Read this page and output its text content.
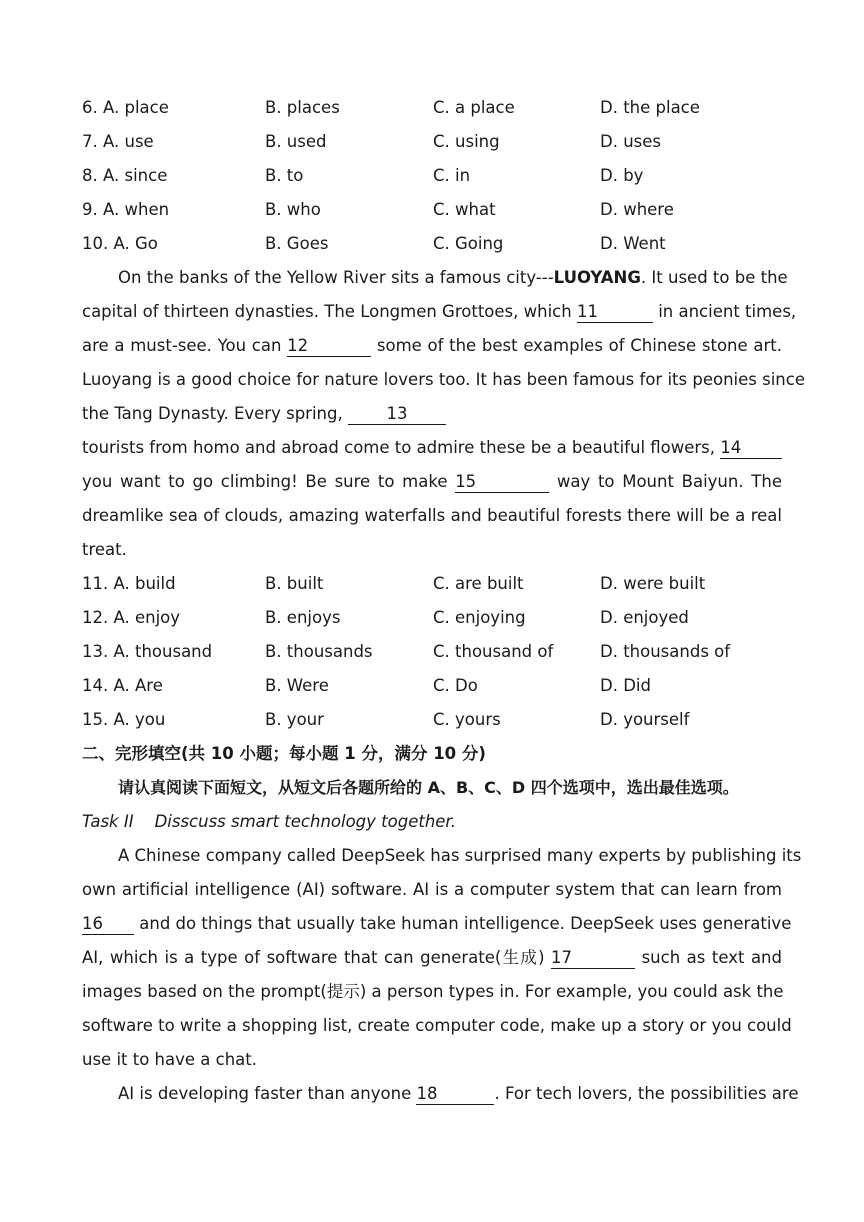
6. A. place	B. places	C. a place	D. the place
7. A. use	B. used	C. using	D. uses
8. A. since	B. to	C. in	D. by
9. A. when	B. who	C. what	D. where
10. A. Go	B. Goes	C. Going	D. Went
On the banks of the Yellow River sits a famous city---LUOYANG. It used to be the
capital of thirteen dynasties. The Longmen Grottoes, which 11	in ancient times,
are a must-see. You can 12	some of the best examples of Chinese stone art.
Luoyang is a good choice for nature lovers too. It has been famous for its peonies since
the Tang Dynasty. Every spring,	13
tourists from homo and abroad come to admire these be a beautiful flowers, 14
you want to go climbing! Be sure to make 15	way to Mount Baiyun. The
dreamlike sea of clouds, amazing waterfalls and beautiful forests there will be a real
treat.
11. A. build	B. built	C. are built	D. were built
12. A. enjoy	B. enjoys	C. enjoying	D. enjoyed
13. A. thousand	B. thousands	C. thousand of	D. thousands of
14. A. Are	B. Were	C. Do	D. Did
15. A. you	B. your	C. yours	D. yourself
二、完形填空(共 10 小题；每小题 1 分，满分 10 分)
请认真阅读下面短文，从短文后各题所给的 A、B、C、D 四个选项中，选出最佳选项。
Task II    Disscuss smart technology together.
A Chinese company called DeepSeek has surprised many experts by publishing its
own artificial intelligence (AI) software. AI is a computer system that can learn from
16 and do things that usually take human intelligence. DeepSeek uses generative
AI, which is a type of software that can generate(生成) 17	such as text and
images based on the prompt(提示) a person types in. For example, you could ask the
software to write a shopping list, create computer code, make up a story or you could
use it to have a chat.
AI is developing faster than anyone 18	. For tech lovers, the possibilities are
